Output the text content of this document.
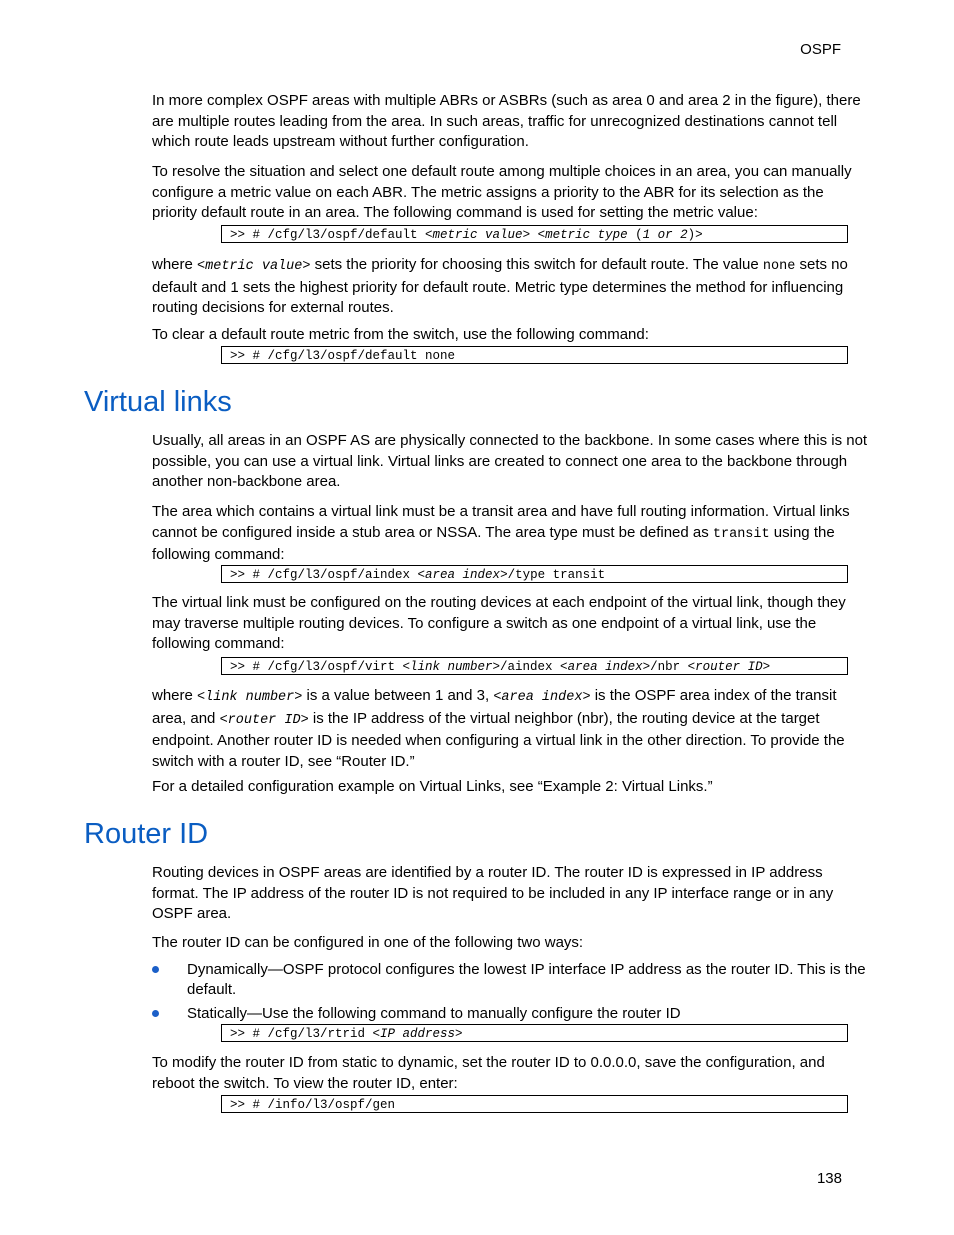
OSPF

In more complex OSPF areas with multiple ABRs or ASBRs (such as area 0 and area 2 in the figure), there are multiple routes leading from the area. In such areas, traffic for unrecognized destinations cannot tell which route leads upstream without further configuration.

To resolve the situation and select one default route among multiple choices in an area, you can manually configure a metric value on each ABR. The metric assigns a priority to the ABR for its selection as the priority default route in an area. The following command is used for setting the metric value:

>> # /cfg/l3/ospf/default <metric value> <metric type (1 or 2)>

where <metric value> sets the priority for choosing this switch for default route. The value none sets no default and 1 sets the highest priority for default route. Metric type determines the method for influencing routing decisions for external routes.

To clear a default route metric from the switch, use the following command:

>> # /cfg/l3/ospf/default none
Virtual links

Usually, all areas in an OSPF AS are physically connected to the backbone. In some cases where this is not possible, you can use a virtual link. Virtual links are created to connect one area to the backbone through another non-backbone area.

The area which contains a virtual link must be a transit area and have full routing information. Virtual links cannot be configured inside a stub area or NSSA. The area type must be defined as transit using the following command:

>> # /cfg/l3/ospf/aindex <area index>/type transit

The virtual link must be configured on the routing devices at each endpoint of the virtual link, though they may traverse multiple routing devices. To configure a switch as one endpoint of a virtual link, use the following command:

>> # /cfg/l3/ospf/virt <link number>/aindex <area index>/nbr <router ID>

where <link number> is a value between 1 and 3, <area index> is the OSPF area index of the transit area, and <router ID> is the IP address of the virtual neighbor (nbr), the routing device at the target endpoint. Another router ID is needed when configuring a virtual link in the other direction. To provide the switch with a router ID, see “Router ID.”

For a detailed configuration example on Virtual Links, see “Example 2: Virtual Links.”

Router ID

Routing devices in OSPF areas are identified by a router ID. The router ID is expressed in IP address format. The IP address of the router ID is not required to be included in any IP interface range or in any OSPF area.

The router ID can be configured in one of the following two ways:

Dynamically—OSPF protocol configures the lowest IP interface IP address as the router ID. This is the default.
Statically—Use the following command to manually configure the router ID
>> # /cfg/l3/rtrid <IP address>

To modify the router ID from static to dynamic, set the router ID to 0.0.0.0, save the configuration, and reboot the switch. To view the router ID, enter:

>> # /info/l3/ospf/gen
138
